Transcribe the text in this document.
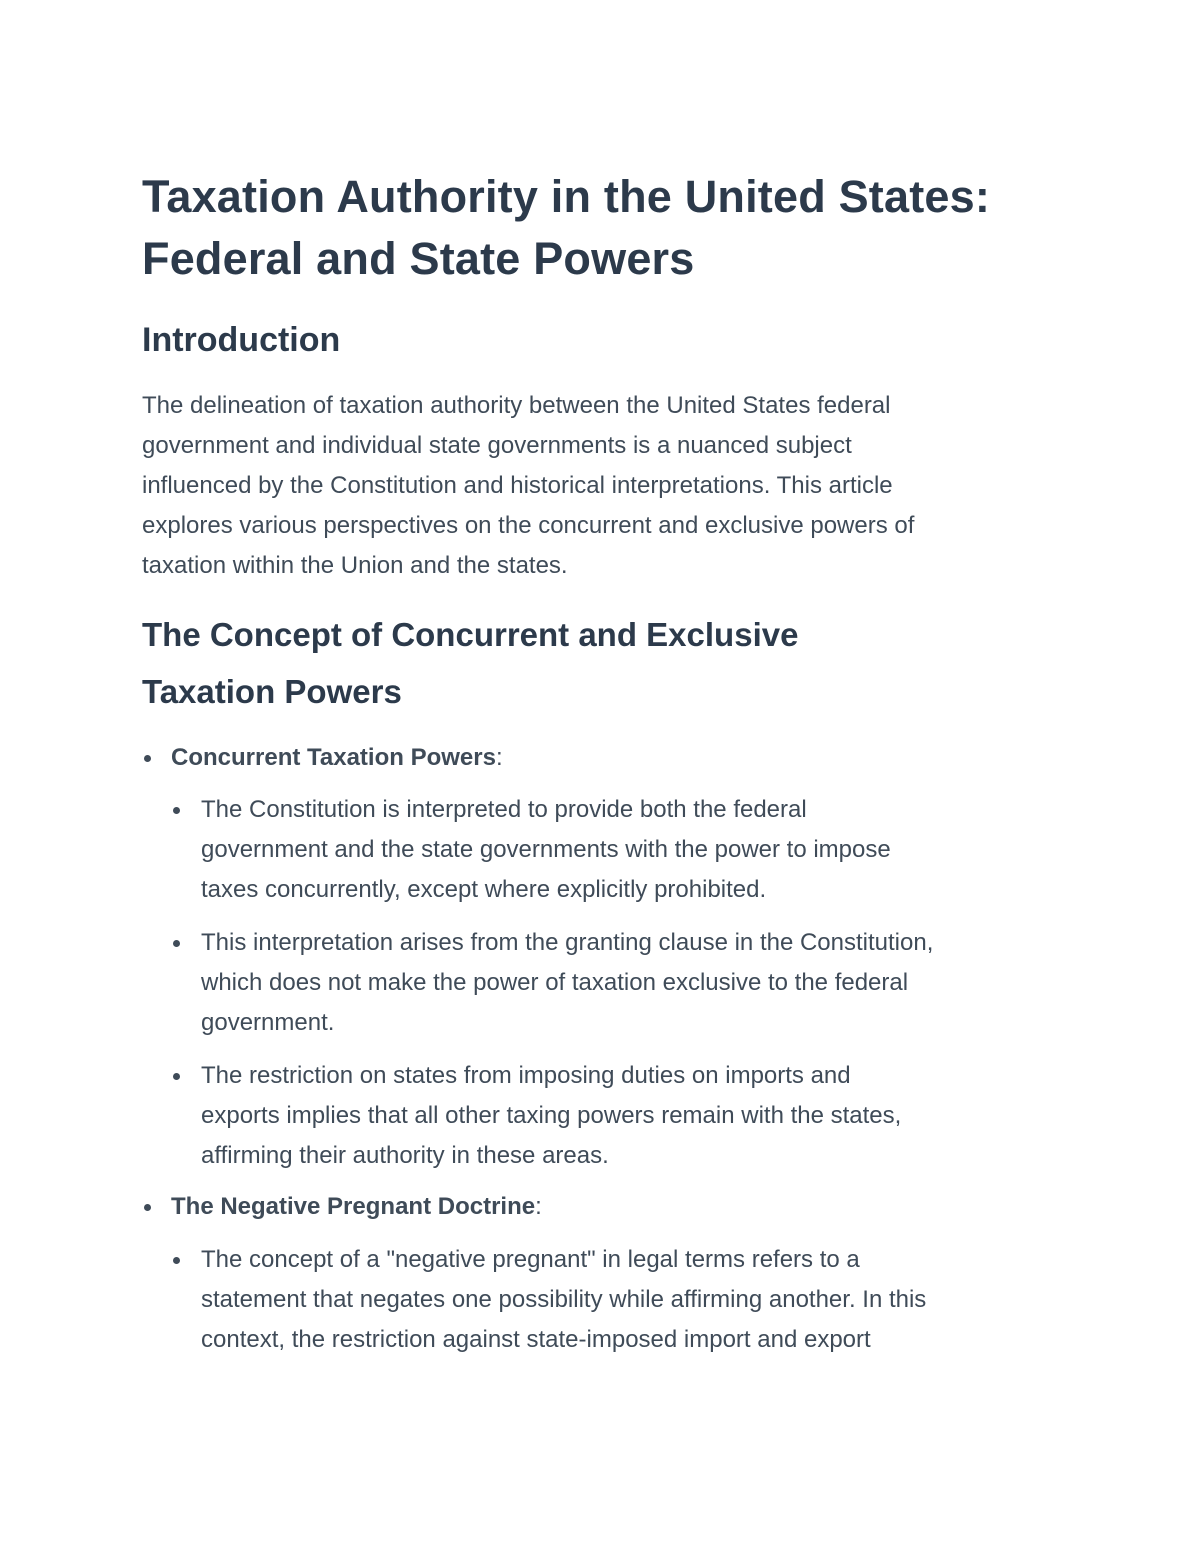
Taxation Authority in the United States:
Federal and State Powers
Introduction
The delineation of taxation authority between the United States federal
government and individual state governments is a nuanced subject
influenced by the Constitution and historical interpretations. This article
explores various perspectives on the concurrent and exclusive powers of
taxation within the Union and the states.
The Concept of Concurrent and Exclusive
Taxation Powers
Concurrent Taxation Powers:
The Constitution is interpreted to provide both the federal
government and the state governments with the power to impose
taxes concurrently, except where explicitly prohibited.
This interpretation arises from the granting clause in the Constitution,
which does not make the power of taxation exclusive to the federal
government.
The restriction on states from imposing duties on imports and
exports implies that all other taxing powers remain with the states,
affirming their authority in these areas.
The Negative Pregnant Doctrine:
The concept of a "negative pregnant" in legal terms refers to a
statement that negates one possibility while affirming another. In this
context, the restriction against state-imposed import and export
